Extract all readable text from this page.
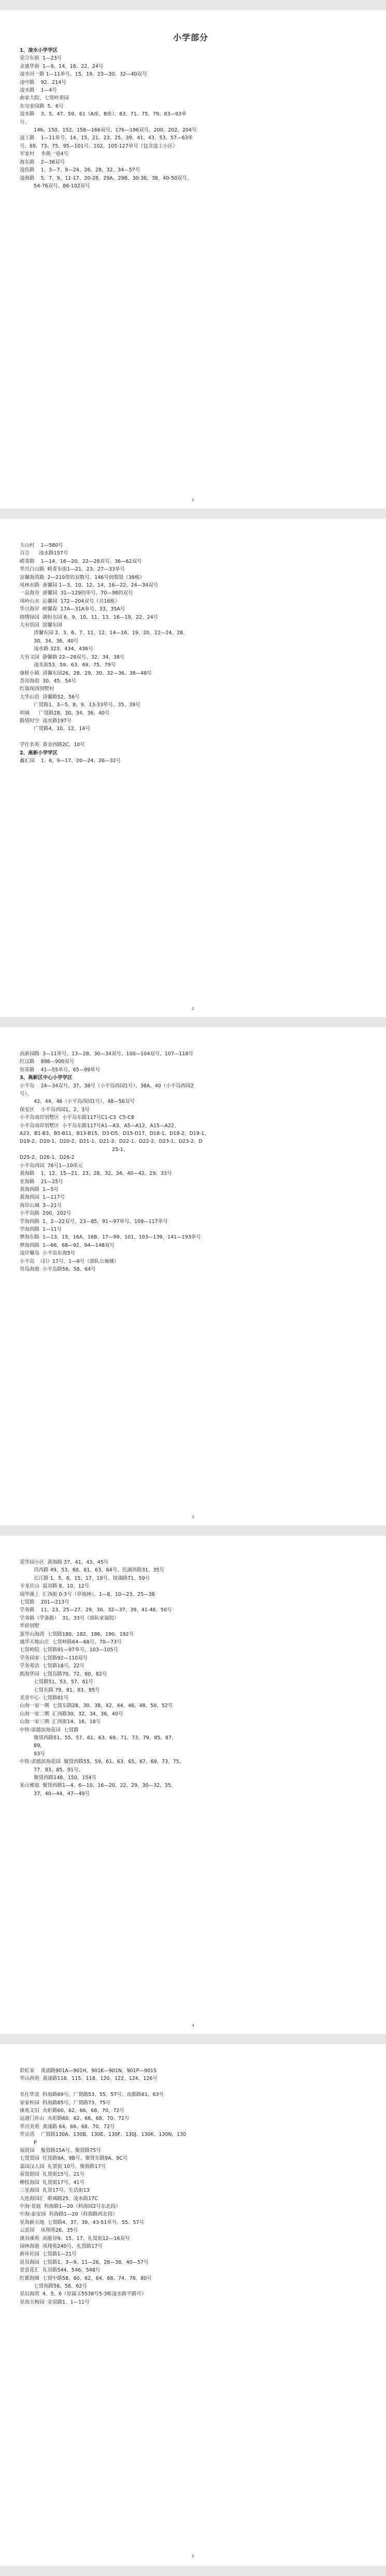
小学部分
1、凌水小学学区
荣合东街  1—23号
金盛华街  1—9、14、16、22、24号
凌水河一路 1—11单号、15、19、23—30、32—40双号
凌中路    92、214号
凌水路    1—4号
曲家大院、七贤岭果园
东屯家园路  5、6号
凌水路    3、5、47、59、61（A座、B座）、63、71、75、79、83—93单
号、
146、150、152、158—166双号、176—196双号、200、202、204号
凌工路    1—11单号、14、15、21、23、25、39、41、43、53、57—63单
号、69、73、75、95—101号、102、105-127单号（包含凌工小区）
军家村    李燕一巷4号
海东路    2—36双号
凌伤路    1、3—7、9—24、26、28、32、34—57号
凌海路    5、7、9、11-17、20-28、29A、29B、30-36、38、40-50双号、
54-76双号、86-102双号
1
大山村    1—580号
百合      凌水路157号
崂菁路    1—14、16—20、22—28双号、36—62双号
华兴白山路  崂菁东街1—21、23、27—33单号
凉馨海湾路  2—210带的双数号、146号到梨贤（38栋）
凤林水路  浙馨园 1—3、10、12、14、16—22、24—34双号
一品海谷  浙馨园  31—129的单号、70—98的双号
凤岭山水  沁馨园  172—204双号（共16栋）
华兴海岸  崂馨春  17A—31A单号、33、35A号
晓绣绿园  满恒东园 6、9、10、11、13、16—19、22、24号
大有恬园  滨馨东园
湾馨东园 2、3、6、7、11、12、14—16、19、20、22—24、28、
30、34、36、40号
凌水路 323、434、436号
大有文园  静馨路 22—28双号、32、34、38号
凌美街53、59、63、69、75、79号
康桥小镇  清馨东园26、28、29、30、32—36、38—48号
荟凉海韵  30、45、54号
红墙现西别墅村
大华山语  清馨路52、56号
广贤路1、3—5、8、9、13-33单号、35、39号
明城      广贤路28、30、34、36、40号
路情时空  凌水路197号
广贤路4、10、12、14号

学仕名苑  黄金西路2C、10号
2、高新小学学区
鑫汇园    1、6、9—17、20—24、26—32号
2
高新园路  3—11单号、13—28、30—34双号、100—104双号、107—118号
红汉路    898—900双号
恒荣路    41—55单号、65—99单号
3、高新区中心小学学区
小平岛    24—34双号、37、38号（小平岛西园1号）、38A、40（小平岛西园2
号）、
42、44、46（小平岛西园1号）、48—56双号
保安区    小平岛西园1、2、3号
小平岛南岸别墅区  小平岛东路117号C1-C3  C5-C8
小平岛南岸别墅区  小平岛东路117号A1—A3、A5—A12、A15—A22、
A23、B1-B3、B5-B11、B13-B15、D3-D5、D15-D17、D18-1、D18-2、D19-1、
D19-2、D20-1、D20-2、D21-1、D21-2、D22-1、D22-2、D23-1、D23-2、D
25-1、
D25-2、D26-1、D26-2
小平岛西园  76号1—10单元
黄海路    1、12、15—21、23、28、32、34、40—42、29、33号
亚海路    21—25号
黄海西路  1—5号
黄海西园  1—117号
海岸山城  3—21号
小平岛路  200、202号
学海西路  1、2—22双号、23—85、91—97单号、109—117单号
学海西路  1—11号
梦海东路  1—13、15、16A、16B、17—99、101、103—139、141—193单号
梦海西路  1—66、68—92、94—148双号
凌岸馨岛  小平岛东海5号
小平岛  （旧）17号、1—9号（部队公寓楼）
贵岛海港  小平岛路56、58、64号
3
荣华园小区  黄海路 37、41、43、45号
昌西路 49、53、60、61、63、64号、民湖西路31、35号
长江路 1、5、6、15、17、19号、馆湖路71、59号
卡龙社山  温谷路 8、10、12号
瑞华溪上  汇西街 0-3号（草坡林）、1—8、10—23、25—38
七贤路    201—213号
学务路    11、23、25—27、29、30、32—37、39、41-48、50号
学务路（学备路）  31、33号（部队家属院）
华侨别墅
蛋华山海湾  七贤路180、182、186、190、192号
盛华天地山庄  七贤岭路64—68号、70—73号
七贤岭院  七贤路91—97单号、103—105号
学务园家  七贤路92—110双号
学务苑洁  七贤路18号、22号
熙海华园  七贤岛路70、72、80、82号
七贤路51、53、57、61号
七贤东路 79、81、83、85号
美景中心  七贤路81号
山海一家一期  七贤东路28、30、38、42、44、46、48、50、52号
山海一家二期  汇西路30、32、34、36、40号
山海一家三期  汇西街14、16、18号
中铁·诺德滨海花园  七贤路
聚贤西路51、55、57、61、63、69、71、73、79、85、87、
89、
93号
中铁·诺德滨海花园  聚贤西路55、59、61、63、65、67、69、73、75、
77、83、85、91号、
聚贤西路148、150、154号
米山雅庭  聚贤西路1—4、6—10、16—20、22、29、30—32、35、
37、40—44、47—49号
4
彩虹家    黄浦路901A—901H、901K—901N、901P—901S
华山西苑  黄浦路118、115、118、120、122、124、126号

名仕华景  科海路69号、广贤路53、55、57号、南都路61、63号
家家朴园  科海路85号、广贤路73、75号
康兆文旧  火炬路60、62、66、68、70、72号
远港门社山  火炬路60、62、66、68、70、72号
华兴美苑  黄浦路 64、66、68、70、72号
华京湾    广贤路130A、130B、130E、130F、130J、130K、130N、130
P
福贤园    聚贤路15A号、聚贤路75号
七贤贤园  任贤路9A、9B号、聚贤东路9A、9C号
嘉园汉人园  礼贤街 10号、聚海路17号
春贤街园  礼贤街15号、21号
柳枝海园  礼贤街17号、41号
三星海园  礼贤17号、生活街13
大连海园汇  歌城路25、凌水路17C
中海·景庭  科海路1—20（科海园2号东北段）
中海·泰安园  科海路1—20（科海路西北段）
星海新天地  七贤路4、37、39、43-51单号、55、57号
云景园    凤翔苑26、35号
溪谷溪苑  高能谷9、15、17、礼贤街12—16双号
园林海港  凤翔苑240号、礼贤路17号
新环社园  七贤路1—21号
延谷海园  七贤路1、3—9、11—26、28—38、40—57号
景景花汇  礼谷路544、546、548号
红都海圈  七贤中路58、60、62、64、68、74、76、80号
七贤南路56、58、62号
星辰海湾  4、5、6（原属玉5538号5-3栋凌水路平路号）
星海天梅园  金泉路1、1—11号
5
